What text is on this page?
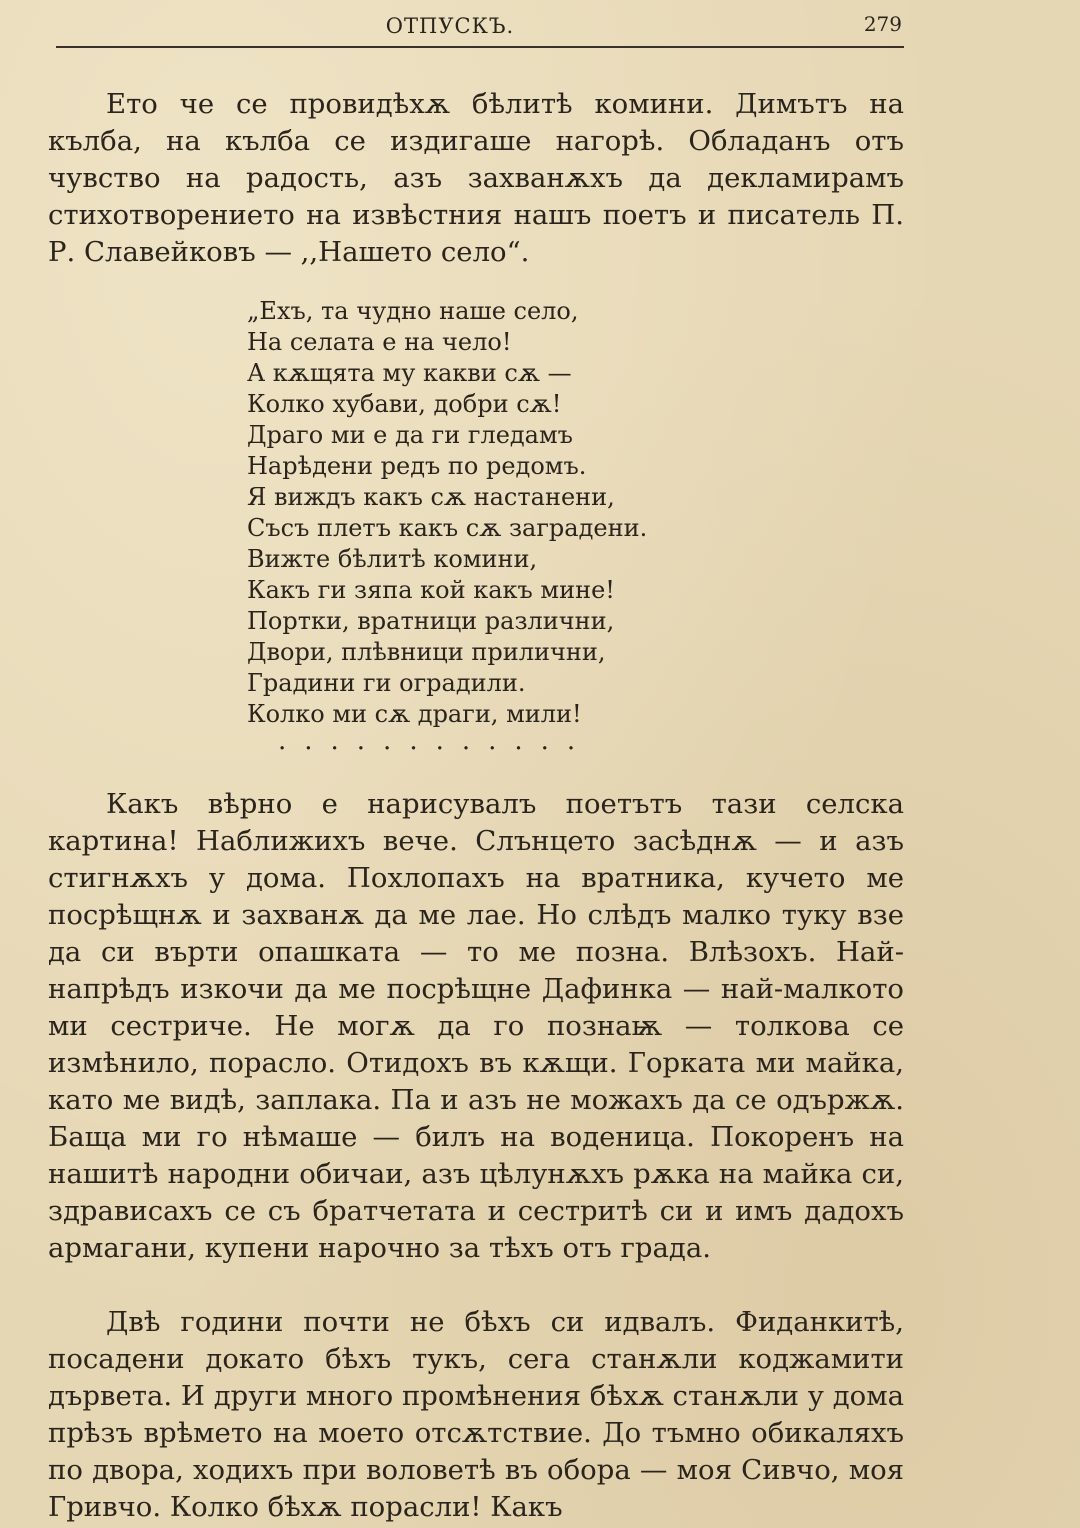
ОТПУСКЪ.	279

Ето че се провидѣхѫ бѣлитѣ комини. Димътъ на кълба, на кълба се издигаше нагорѣ. Обладанъ отъ чувство на радость, азъ захванѫхъ да декламирамъ стихотворението на извѣстния нашъ поетъ и писатель П. Р. Славейковъ — ,,Нашето село“.

„Ехъ, та чудно наше село,
На селата е на чело!
А кѫщята му какви сѫ —
Колко хубави, добри сѫ!
Драго ми е да ги гледамъ
Нарѣдени редъ по редомъ.
Я виждъ какъ сѫ настанени,
Съсъ плетъ какъ сѫ заградени.
Вижте бѣлитѣ комини,
Какъ ги зяпа кой какъ мине!
Портки, вратници различни,
Двори, плѣвници прилични,
Градини ги оградили.
Колко ми сѫ драги, мили!
............

Какъ вѣрно е нарисувалъ поетътъ тази селска картина! Наближихъ вече. Слънцето засѣднѫ — и азъ стигнѫхъ у дома. Похлопахъ на вратника, кучето ме посрѣщнѫ и захванѫ да ме лае. Но слѣдъ малко туку взе да си върти опашката — то ме позна. Влѣзохъ. Най-напрѣдъ изкочи да ме посрѣщне Дафинка — най-малкото ми сестриче. Не могѫ да го познаѭ — толкова се измѣнило, порасло. Отидохъ въ кѫщи. Горката ми майка, като ме видѣ, заплака. Па и азъ не можахъ да се одържѫ. Баща ми го нѣмаше — билъ на воденица. Покоренъ на нашитѣ народни обичаи, азъ цѣлунѫхъ рѫка на майка си, здрависахъ се съ братчетата и сестритѣ си и имъ дадохъ армагани, купени нарочно за тѣхъ отъ града.

Двѣ години почти не бѣхъ си идвалъ. Фиданкитѣ, посадени докато бѣхъ тукъ, сега станѫли коджамити дървета. И други много промѣнения бѣхѫ станѫли у дома прѣзъ врѣмето на моето отсѫтствие. До тъмно обикаляхъ по двора, ходихъ при воловетѣ въ обора — моя Сивчо, моя Гривчо. Колко бѣхѫ порасли! Какъ
